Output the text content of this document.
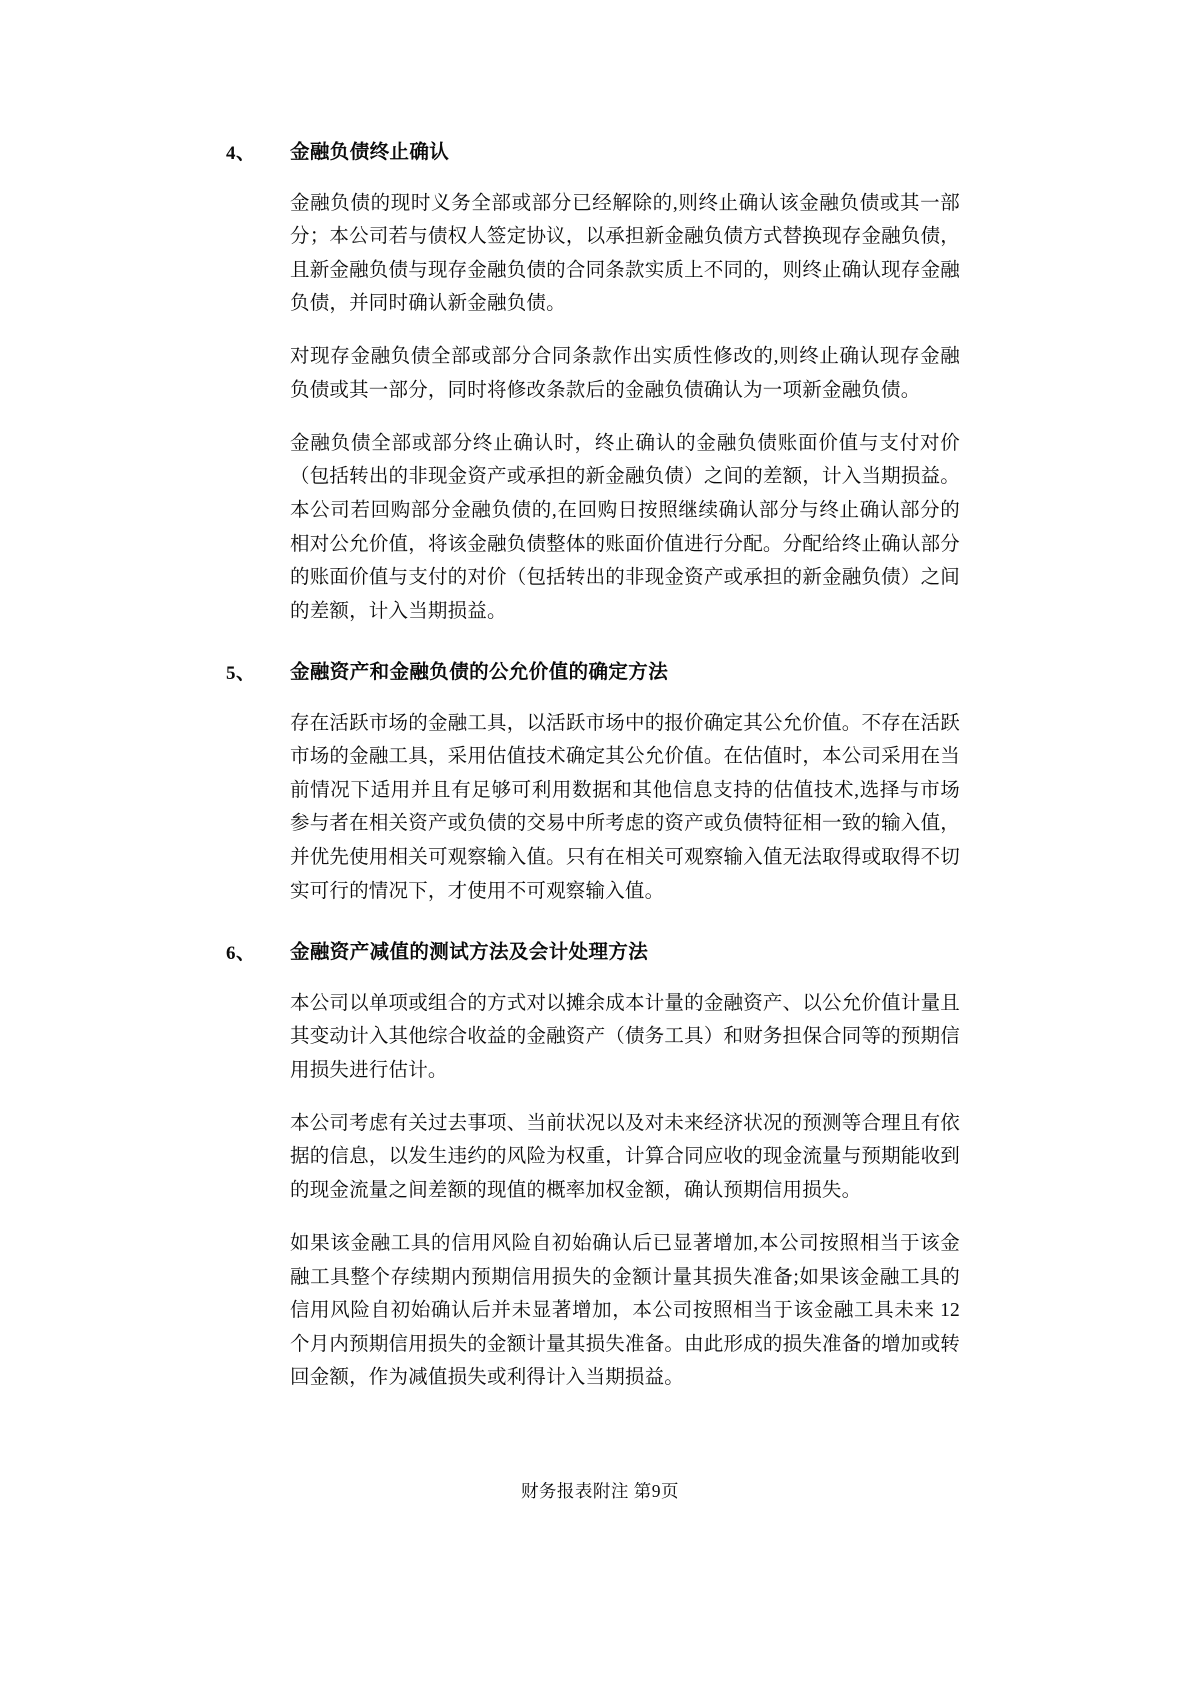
4、 金融负债终止确认

金融负债的现时义务全部或部分已经解除的,则终止确认该金融负债或其一部分；本公司若与债权人签定协议，以承担新金融负债方式替换现存金融负债，且新金融负债与现存金融负债的合同条款实质上不同的，则终止确认现存金融负债，并同时确认新金融负债。

对现存金融负债全部或部分合同条款作出实质性修改的,则终止确认现存金融负债或其一部分，同时将修改条款后的金融负债确认为一项新金融负债。

金融负债全部或部分终止确认时，终止确认的金融负债账面价值与支付对价（包括转出的非现金资产或承担的新金融负债）之间的差额，计入当期损益。本公司若回购部分金融负债的,在回购日按照继续确认部分与终止确认部分的相对公允价值，将该金融负债整体的账面价值进行分配。分配给终止确认部分的账面价值与支付的对价（包括转出的非现金资产或承担的新金融负债）之间的差额，计入当期损益。

5、 金融资产和金融负债的公允价值的确定方法

存在活跃市场的金融工具，以活跃市场中的报价确定其公允价值。不存在活跃市场的金融工具，采用估值技术确定其公允价值。在估值时，本公司采用在当前情况下适用并且有足够可利用数据和其他信息支持的估值技术,选择与市场参与者在相关资产或负债的交易中所考虑的资产或负债特征相一致的输入值，并优先使用相关可观察输入值。只有在相关可观察输入值无法取得或取得不切实可行的情况下，才使用不可观察输入值。

6、 金融资产减值的测试方法及会计处理方法

本公司以单项或组合的方式对以摊余成本计量的金融资产、以公允价值计量且其变动计入其他综合收益的金融资产（债务工具）和财务担保合同等的预期信用损失进行估计。

本公司考虑有关过去事项、当前状况以及对未来经济状况的预测等合理且有依据的信息，以发生违约的风险为权重，计算合同应收的现金流量与预期能收到的现金流量之间差额的现值的概率加权金额，确认预期信用损失。

如果该金融工具的信用风险自初始确认后已显著增加,本公司按照相当于该金融工具整个存续期内预期信用损失的金额计量其损失准备;如果该金融工具的信用风险自初始确认后并未显著增加，本公司按照相当于该金融工具未来 12 个月内预期信用损失的金额计量其损失准备。由此形成的损失准备的增加或转回金额，作为减值损失或利得计入当期损益。

财务报表附注 第9页
